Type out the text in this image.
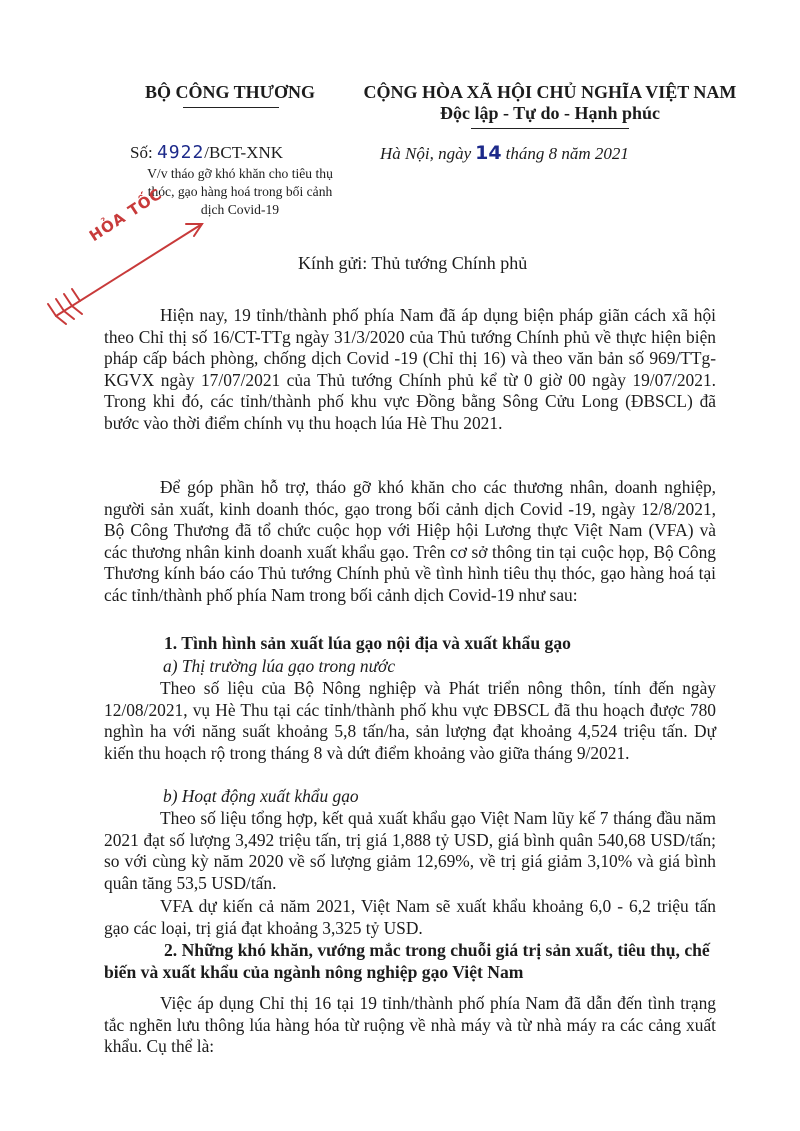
BỘ CÔNG THƯƠNG	CỘNG HÒA XÃ HỘI CHỦ NGHĨA VIỆT NAM
Độc lập - Tự do - Hạnh phúc
Số: 4922/BCT-XNK
V/v tháo gỡ khó khăn cho tiêu thụ thóc, gạo hàng hoá trong bối cảnh dịch Covid-19
Hà Nội, ngày 14 tháng 8 năm 2021
HỎA TỐC
Kính gửi: Thủ tướng Chính phủ

Hiện nay, 19 tỉnh/thành phố phía Nam đã áp dụng biện pháp giãn cách xã hội theo Chỉ thị số 16/CT-TTg ngày 31/3/2020 của Thủ tướng Chính phủ về thực hiện biện pháp cấp bách phòng, chống dịch Covid -19 (Chỉ thị 16) và theo văn bản số 969/TTg-KGVX ngày 17/07/2021 của Thủ tướng Chính phủ kể từ 0 giờ 00 ngày 19/07/2021. Trong khi đó, các tỉnh/thành phố khu vực Đồng bằng Sông Cửu Long (ĐBSCL) đã bước vào thời điểm chính vụ thu hoạch lúa Hè Thu 2021.

Để góp phần hỗ trợ, tháo gỡ khó khăn cho các thương nhân, doanh nghiệp, người sản xuất, kinh doanh thóc, gạo trong bối cảnh dịch Covid -19, ngày 12/8/2021, Bộ Công Thương đã tổ chức cuộc họp với Hiệp hội Lương thực Việt Nam (VFA) và các thương nhân kinh doanh xuất khẩu gạo. Trên cơ sở thông tin tại cuộc họp, Bộ Công Thương kính báo cáo Thủ tướng Chính phủ về tình hình tiêu thụ thóc, gạo hàng hoá tại các tỉnh/thành phố phía Nam trong bối cảnh dịch Covid-19 như sau:

1. Tình hình sản xuất lúa gạo nội địa và xuất khẩu gạo
a) Thị trường lúa gạo trong nước

Theo số liệu của Bộ Nông nghiệp và Phát triển nông thôn, tính đến ngày 12/08/2021, vụ Hè Thu tại các tỉnh/thành phố khu vực ĐBSCL đã thu hoạch được 780 nghìn ha với năng suất khoảng 5,8 tấn/ha, sản lượng đạt khoảng 4,524 triệu tấn. Dự kiến thu hoạch rộ trong tháng 8 và dứt điểm khoảng vào giữa tháng 9/2021.

b) Hoạt động xuất khẩu gạo

Theo số liệu tổng hợp, kết quả xuất khẩu gạo Việt Nam lũy kế 7 tháng đầu năm 2021 đạt số lượng 3,492 triệu tấn, trị giá 1,888 tỷ USD, giá bình quân 540,68 USD/tấn; so với cùng kỳ năm 2020 về số lượng giảm 12,69%, về trị giá giảm 3,10% và giá bình quân tăng 53,5 USD/tấn.

VFA dự kiến cả năm 2021, Việt Nam sẽ xuất khẩu khoảng 6,0 - 6,2 triệu tấn gạo các loại, trị giá đạt khoảng 3,325 tỷ USD.

2. Những khó khăn, vướng mắc trong chuỗi giá trị sản xuất, tiêu thụ, chế biến và xuất khẩu của ngành nông nghiệp gạo Việt Nam

Việc áp dụng Chỉ thị 16 tại 19 tỉnh/thành phố phía Nam đã dẫn đến tình trạng tắc nghẽn lưu thông lúa hàng hóa từ ruộng về nhà máy và từ nhà máy ra các cảng xuất khẩu. Cụ thể là:
